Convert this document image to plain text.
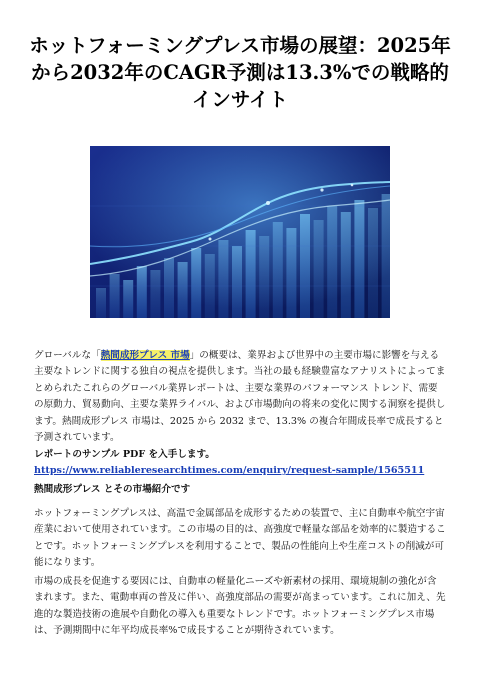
ホットフォーミングプレス市場の展望：2025年から2032年のCAGR予測は13.3%での戦略的インサイト

グローバルな「熱間成形プレス 市場」の概要は、業界および世界中の主要市場に影響を与える主要なトレンドに関する独自の視点を提供します。当社の最も経験豊富なアナリストによってまとめられたこれらのグローバル業界レポートは、主要な業界のパフォーマンス トレンド、需要の原動力、貿易動向、主要な業界ライバル、および市場動向の将来の変化に関する洞察を提供します。熱間成形プレス 市場は、2025 から 2032 まで、13.3% の複合年間成長率で成長すると予測されています。

レポートのサンプル PDF を入手します。 https://www.reliableresearchtimes.com/enquiry/request-sample/1565511

熱間成形プレス とその市場紹介です

ホットフォーミングプレスは、高温で金属部品を成形するための装置で、主に自動車や航空宇宙産業において使用されています。この市場の目的は、高強度で軽量な部品を効率的に製造することです。ホットフォーミングプレスを利用することで、製品の性能向上や生産コストの削減が可能になります。

市場の成長を促進する要因には、自動車の軽量化ニーズや新素材の採用、環境規制の強化が含まれます。また、電動車両の普及に伴い、高強度部品の需要が高まっています。これに加え、先進的な製造技術の進展や自動化の導入も重要なトレンドです。ホットフォーミングプレス市場は、予測期間中に年平均成長率%で成長することが期待されています。
